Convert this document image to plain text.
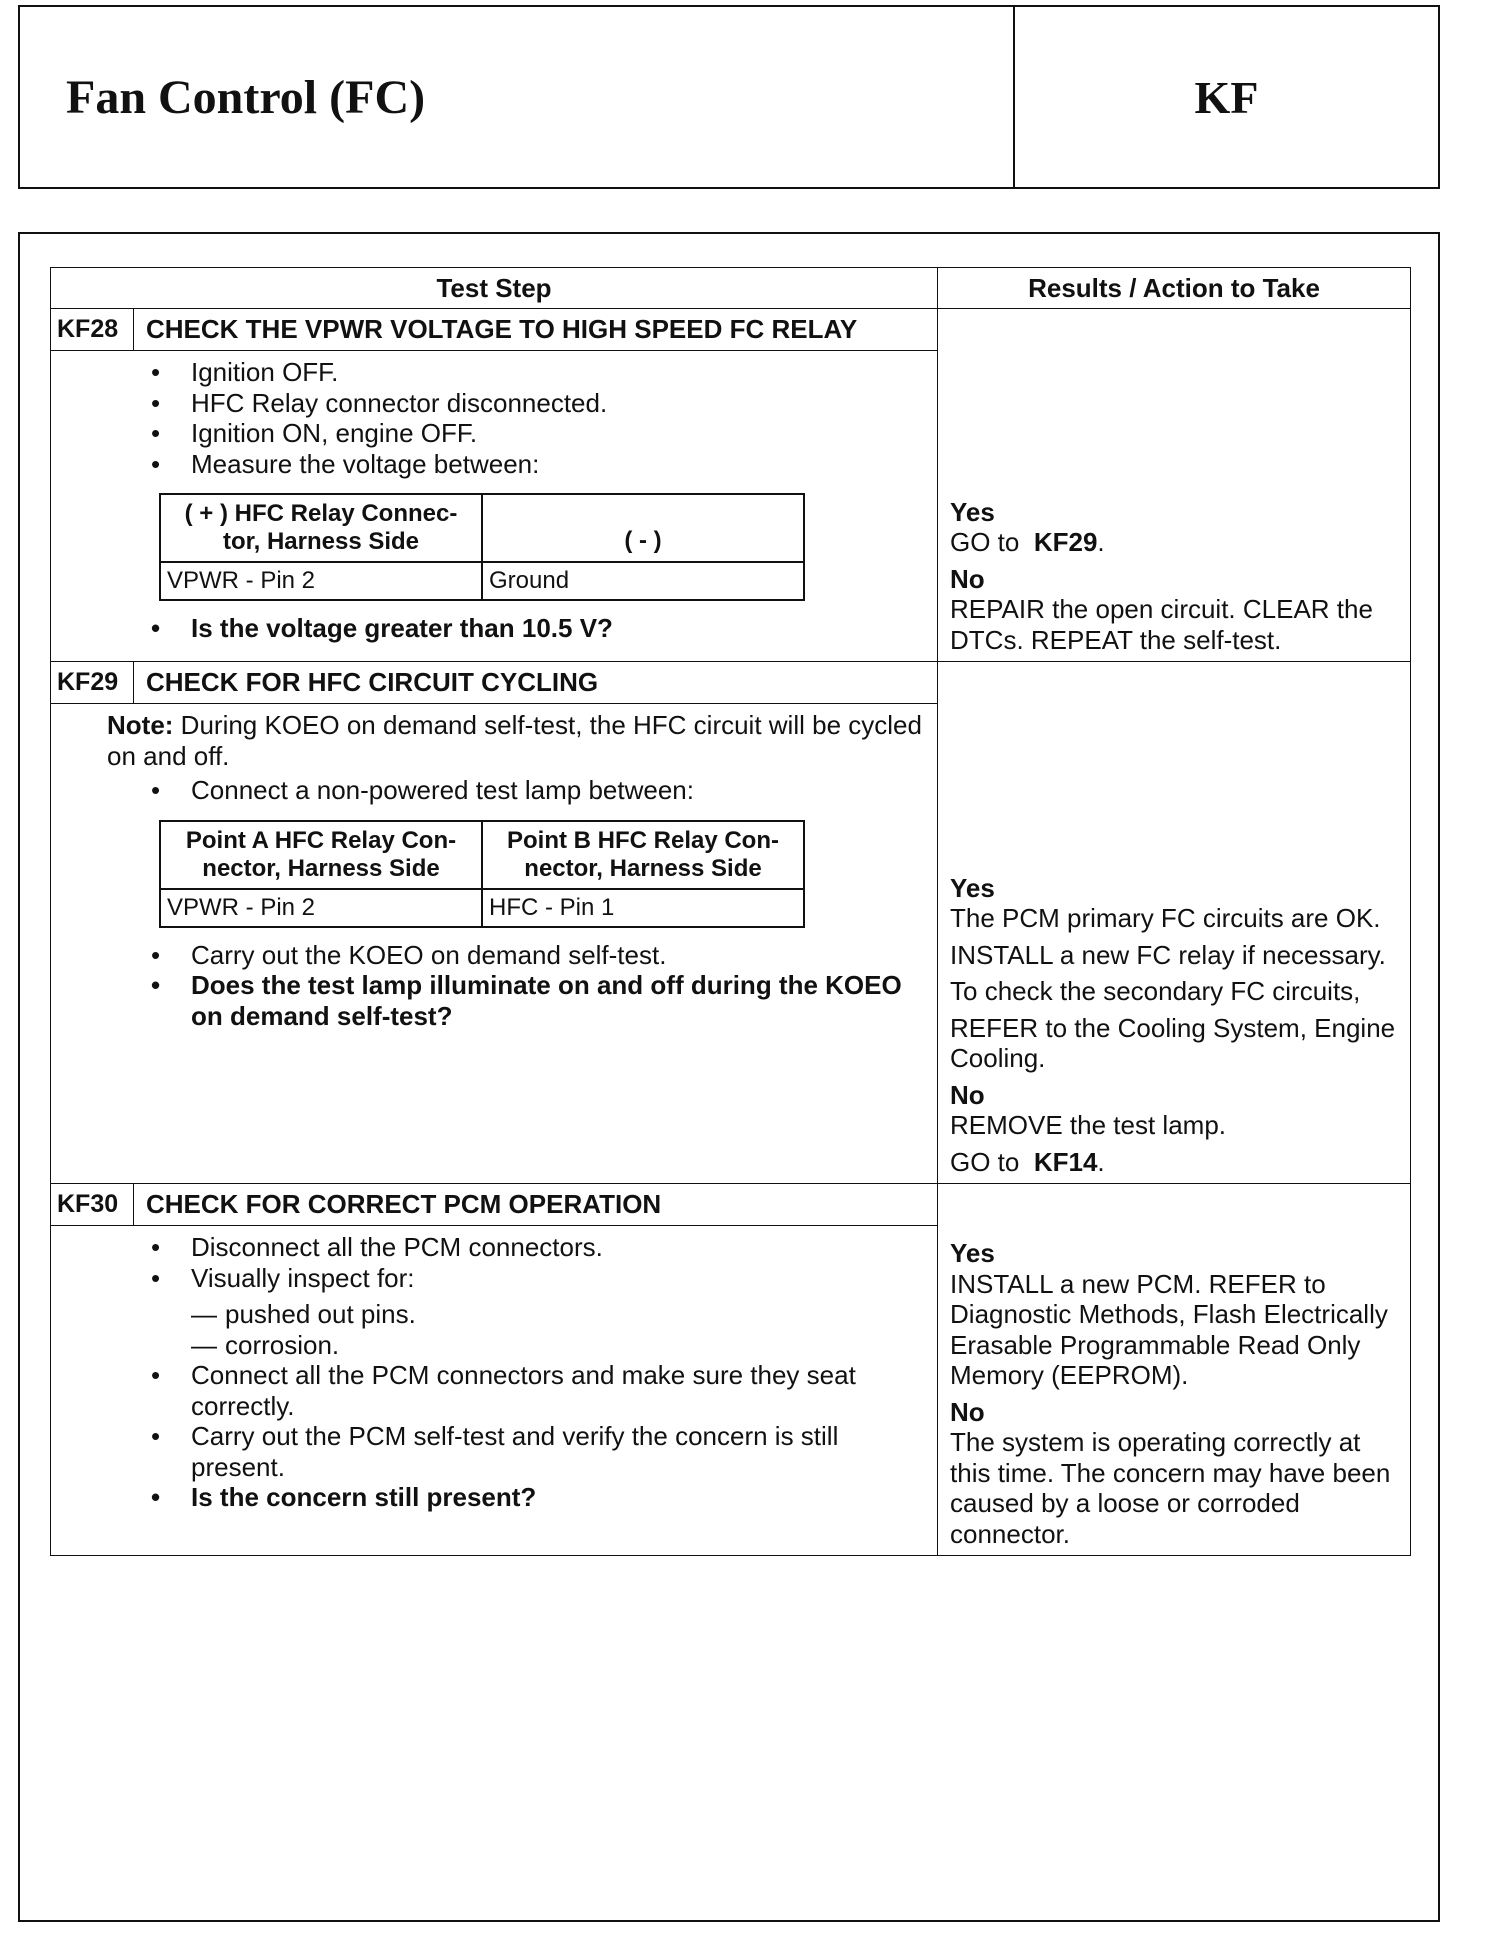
Fan Control (FC)	KF
Test Step	Results / Action to Take
KF28	CHECK THE VPWR VOLTAGE TO HIGH SPEED FC RELAY	
Yes
GO to KF29.
No
REPAIR the open circuit. CLEAR the DTCs. REPEAT the self-test.

• Ignition OFF.
• HFC Relay connector disconnected.
• Ignition ON, engine OFF.
• Measure the voltage between:
( + ) HFC Relay Connec-tor, Harness Side	( - )
VPWR - Pin 2	Ground
• Is the voltage greater than 10.5 V?

KF29	CHECK FOR HFC CIRCUIT CYCLING	
Yes
The PCM primary FC circuits are OK.
INSTALL a new FC relay if necessary.
To check the secondary FC circuits,
REFER to the Cooling System, Engine Cooling.
No
REMOVE the test lamp.
GO to KF14.

Note: During KOEO on demand self-test, the HFC circuit will be cycled on and off.
• Connect a non-powered test lamp between:
Point A HFC Relay Con-nector, Harness Side	Point B HFC Relay Con-nector, Harness Side
VPWR - Pin 2	HFC - Pin 1
• Carry out the KOEO on demand self-test.
• Does the test lamp illuminate on and off during the KOEO on demand self-test?

KF30	CHECK FOR CORRECT PCM OPERATION	
Yes
INSTALL a new PCM. REFER to Diagnostic Methods, Flash Electrically Erasable Programmable Read Only Memory (EEPROM).
No
The system is operating correctly at this time. The concern may have been caused by a loose or corroded connector.

• Disconnect all the PCM connectors.
• Visually inspect for:
— pushed out pins.
— corrosion.
• Connect all the PCM connectors and make sure they seat correctly.
• Carry out the PCM self-test and verify the concern is still present.
• Is the concern still present?
